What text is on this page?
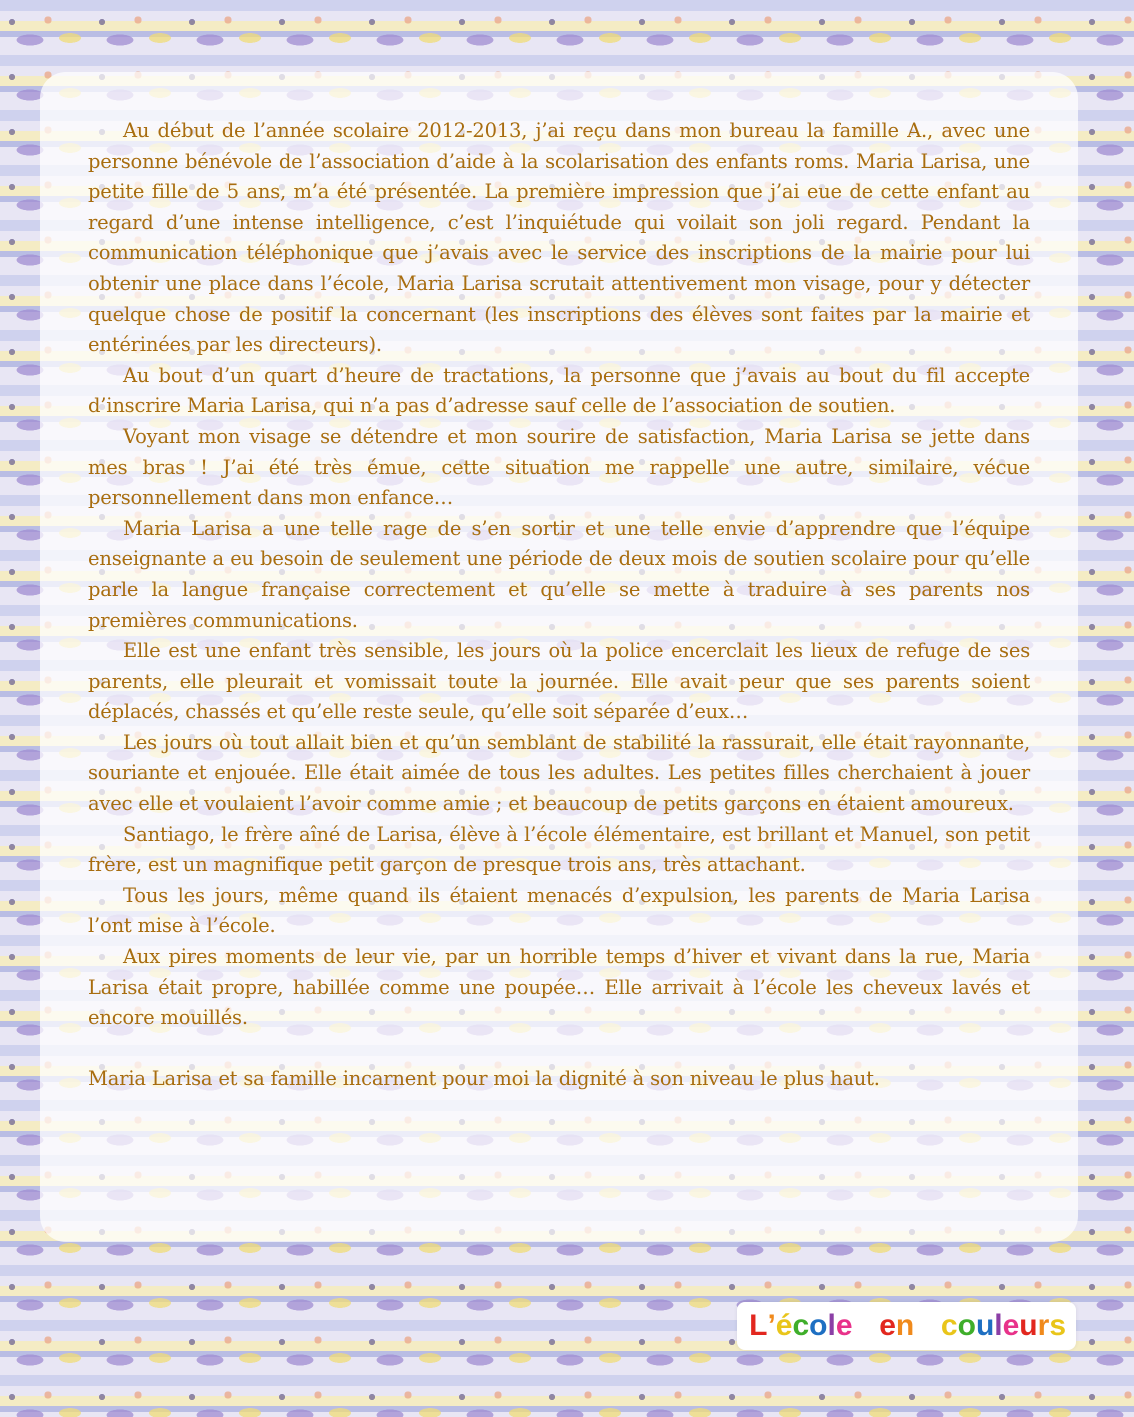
Au début de l’année scolaire 2012-2013, j’ai reçu dans mon bureau la famille A., avec une personne bénévole de l’association d’aide à la scolarisation des enfants roms. Maria Larisa, une petite fille de 5 ans, m’a été présentée. La première impression que j’ai eue de cette enfant au regard d’une intense intelligence, c’est l’inquiétude qui voilait son joli regard. Pendant la communication téléphonique que j’avais avec le service des inscriptions de la mairie pour lui obtenir une place dans l’école, Maria Larisa scrutait attentivement mon visage, pour y détecter quelque chose de positif la concernant (les inscriptions des élèves sont faites par la mairie et entérinées par les directeurs).

Au bout d’un quart d’heure de tractations, la personne que j’avais au bout du fil accepte d’inscrire Maria Larisa, qui n’a pas d’adresse sauf celle de l’association de soutien.

Voyant mon visage se détendre et mon sourire de satisfaction, Maria Larisa se jette dans mes bras ! J’ai été très émue, cette situation me rappelle une autre, similaire, vécue personnellement dans mon enfance…

Maria Larisa a une telle rage de s’en sortir et une telle envie d’apprendre que l’équipe enseignante a eu besoin de seulement une période de deux mois de soutien scolaire pour qu’elle parle la langue française correctement et qu’elle se mette à traduire à ses parents nos premières communications.

Elle est une enfant très sensible, les jours où la police encerclait les lieux de refuge de ses parents, elle pleurait et vomissait toute la journée. Elle avait peur que ses parents soient déplacés, chassés et qu’elle reste seule, qu’elle soit séparée d’eux…

Les jours où tout allait bien et qu’un semblant de stabilité la rassurait, elle était rayonnante, souriante et enjouée. Elle était aimée de tous les adultes. Les petites filles cherchaient à jouer avec elle et voulaient l’avoir comme amie ; et beaucoup de petits garçons en étaient amoureux.

Santiago, le frère aîné de Larisa, élève à l’école élémentaire, est brillant et Manuel, son petit frère, est un magnifique petit garçon de presque trois ans, très attachant.

Tous les jours, même quand ils étaient menacés d’expulsion, les parents de Maria Larisa l’ont mise à l’école.

Aux pires moments de leur vie, par un horrible temps d’hiver et vivant dans la rue, Maria Larisa était propre, habillée comme une poupée… Elle arrivait à l’école les cheveux lavés et encore mouillés.

Maria Larisa et sa famille incarnent pour moi la dignité à son niveau le plus haut.

L’école en couleurs
